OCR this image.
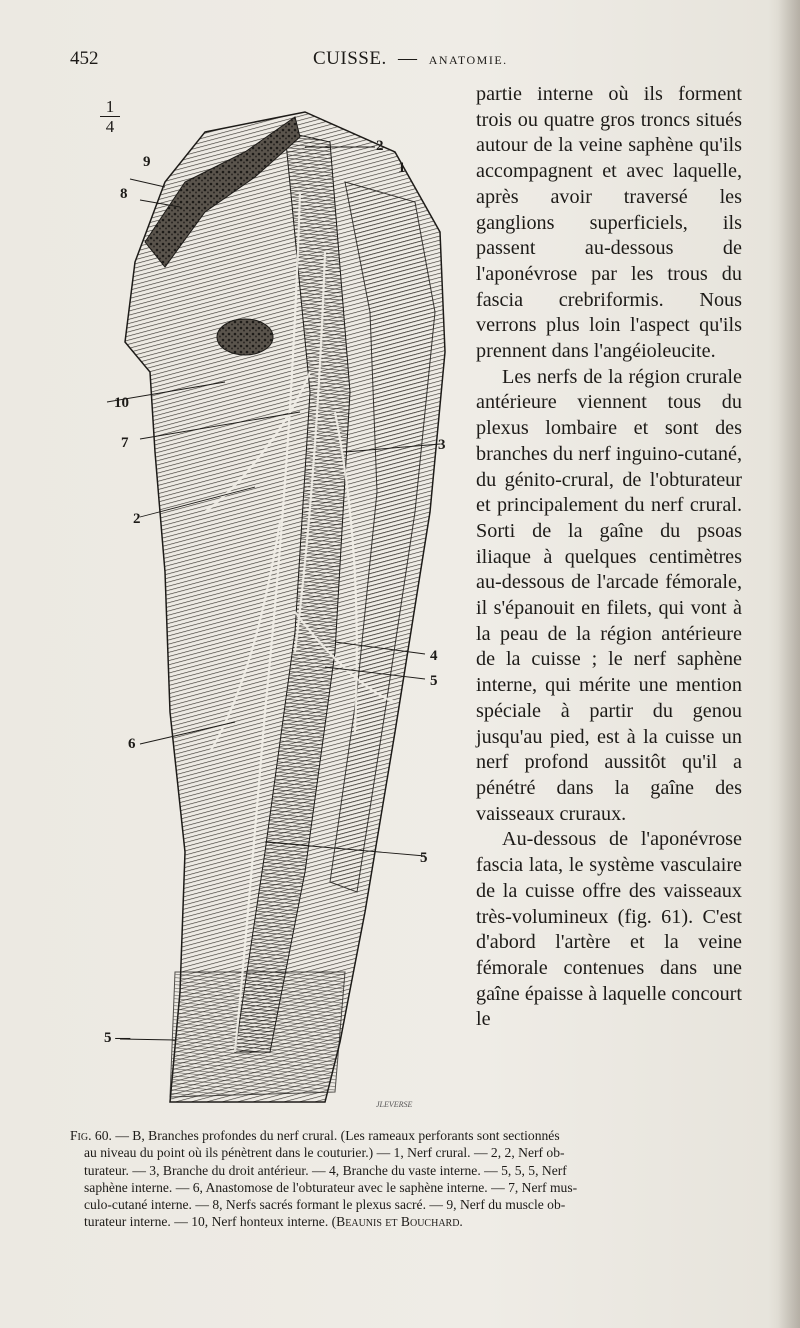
452	CUISSE. — ANATOMIE.
1
4
9
8
2
1
10
7	3
2
4
5
6
5
5 —
JLEVERSE

partie interne où ils forment trois ou quatre gros troncs situés autour de la veine saphène qu'ils accompagnent et avec laquelle, après avoir traversé les ganglions superficiels, ils passent au-dessous de l'aponévrose par les trous du fascia crebriformis. Nous verrons plus loin l'aspect qu'ils prennent dans l'angéioleucite.

Les nerfs de la région crurale antérieure viennent tous du plexus lombaire et sont des branches du nerf inguino-cutané, du génito-crural, de l'obturateur et principalement du nerf crural. Sorti de la gaîne du psoas iliaque à quelques centimètres au-dessous de l'arcade fémorale, il s'épanouit en filets, qui vont à la peau de la région antérieure de la cuisse ; le nerf saphène interne, qui mérite une mention spéciale à partir du genou jusqu'au pied, est à la cuisse un nerf profond aussitôt qu'il a pénétré dans la gaîne des vaisseaux cruraux.

Au-dessous de l'aponévrose fascia lata, le système vasculaire de la cuisse offre des vaisseaux très-volumineux (fig. 61). C'est d'abord l'artère et la veine fémorale contenues dans une gaîne épaisse à laquelle concourt le

Fig. 60. — B, Branches profondes du nerf crural. (Les rameaux perforants sont sectionnés
au niveau du point où ils pénètrent dans le couturier.) — 1, Nerf crural. — 2, 2, Nerf ob-
turateur. — 3, Branche du droit antérieur. — 4, Branche du vaste interne. — 5, 5, 5, Nerf
saphène interne. — 6, Anastomose de l'obturateur avec le saphène interne. — 7, Nerf mus-
culo-cutané interne. — 8, Nerfs sacrés formant le plexus sacré. — 9, Nerf du muscle ob-
turateur interne. — 10, Nerf honteux interne. (Beaunis et Bouchard.
